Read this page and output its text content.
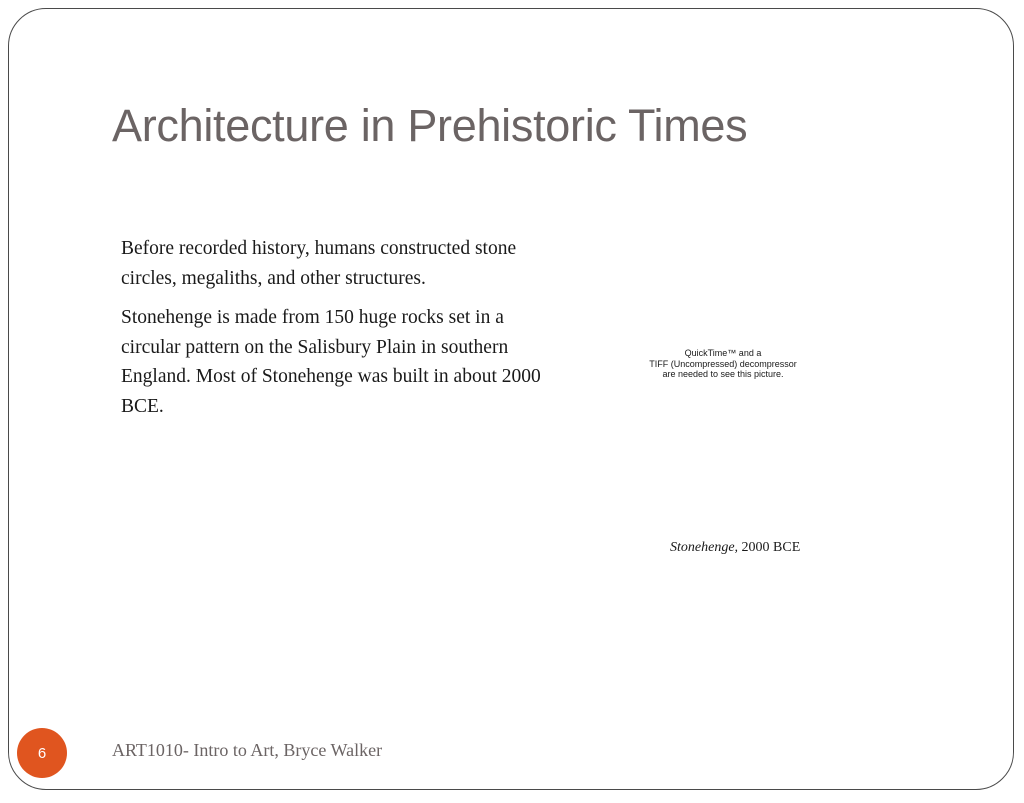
Architecture in Prehistoric Times

Before recorded history, humans constructed stone circles, megaliths, and other structures.

Stonehenge is made from 150 huge rocks set in a circular pattern on the Salisbury Plain in southern England. Most of Stonehenge was built in about 2000 BCE.

QuickTime™ and a
TIFF (Uncompressed) decompressor
are needed to see this picture.
Stonehenge, 2000 BCE
6	ART1010- Intro to Art, Bryce Walker
